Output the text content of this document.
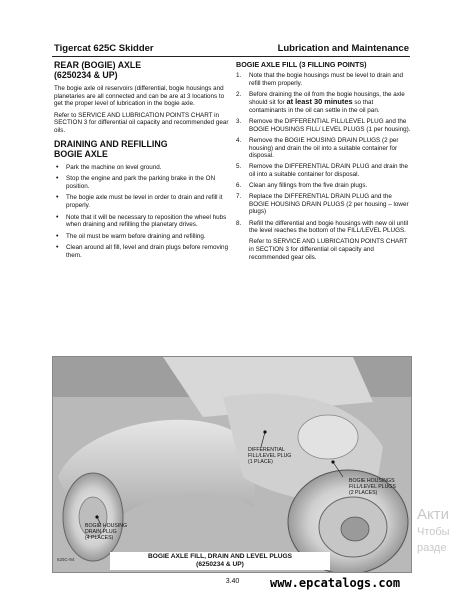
Tigercat 625C Skidder	Lubrication and Maintenance
REAR (BOGIE) AXLE
(6250234 & UP)

The bogie axle oil reservoirs (differential, bogie housings and planetaries are all connected and can be are at 3 locations to get the proper level of lubrication in the bogie axle.

Refer to SERVICE AND LUBRICATION POINTS CHART in SECTION 3 for differential oil capacity and recommended gear oils.

DRAINING AND REFILLING
BOGIE AXLE
• Park the machine on level ground.
• Stop the engine and park the parking brake in the ON position.
• The bogie axle must be level in order to drain and refill it properly.
• Note that it will be necessary to reposition the wheel hubs when draining and refilling the planetary drives.
• The oil must be warm before draining and refilling.
• Clean around all fill, level and drain plugs before removing them.
BOGIE AXLE FILL (3 FILLING POINTS)
1. Note that the bogie housings must be level to drain and refill them properly.
2. Before draining the oil from the bogie housings, the axle should sit for at least 30 minutes so that contaminants in the oil can settle in the oil pan.
3. Remove the DIFFERENTIAL FILL/LEVEL PLUG and the BOGIE HOUSINGS FILL/ LEVEL PLUGS (1 per housing).
4. Remove the BOGIE HOUSING DRAIN PLUGS (2 per housing) and drain the oil into a suitable container for disposal.
5. Remove the DIFFERENTIAL DRAIN PLUG and drain the oil into a suitable container for disposal.
6. Clean any fillings from the five drain plugs.
7. Replace the DIFFERENTIAL DRAIN PLUG and the BOGIE HOUSING DRAIN PLUGS (2 per housing – lower plugs)
8. Refill the differential and bogie housings with new oil until the level reaches the bottom of the FILL/LEVEL PLUGS.

Refer to SERVICE AND LUBRICATION POINTS CHART in SECTION 3 for differential oil capacity and recommended gear oils.

DIFFERENTIAL
FILL/LEVEL PLUG
(1 PLACE)
BOGIE HOUSINGS
FILL/LEVEL PLUGS
(2 PLACES)
BOGIE HOUSING
DRAIN PLUG
(4 PLACES)
625C-94	BOGIE AXLE FILL, DRAIN AND LEVEL PLUGS
(6250234 & UP)
3.40	www.epcatalogs.com
Акти
Чтобы
разде
